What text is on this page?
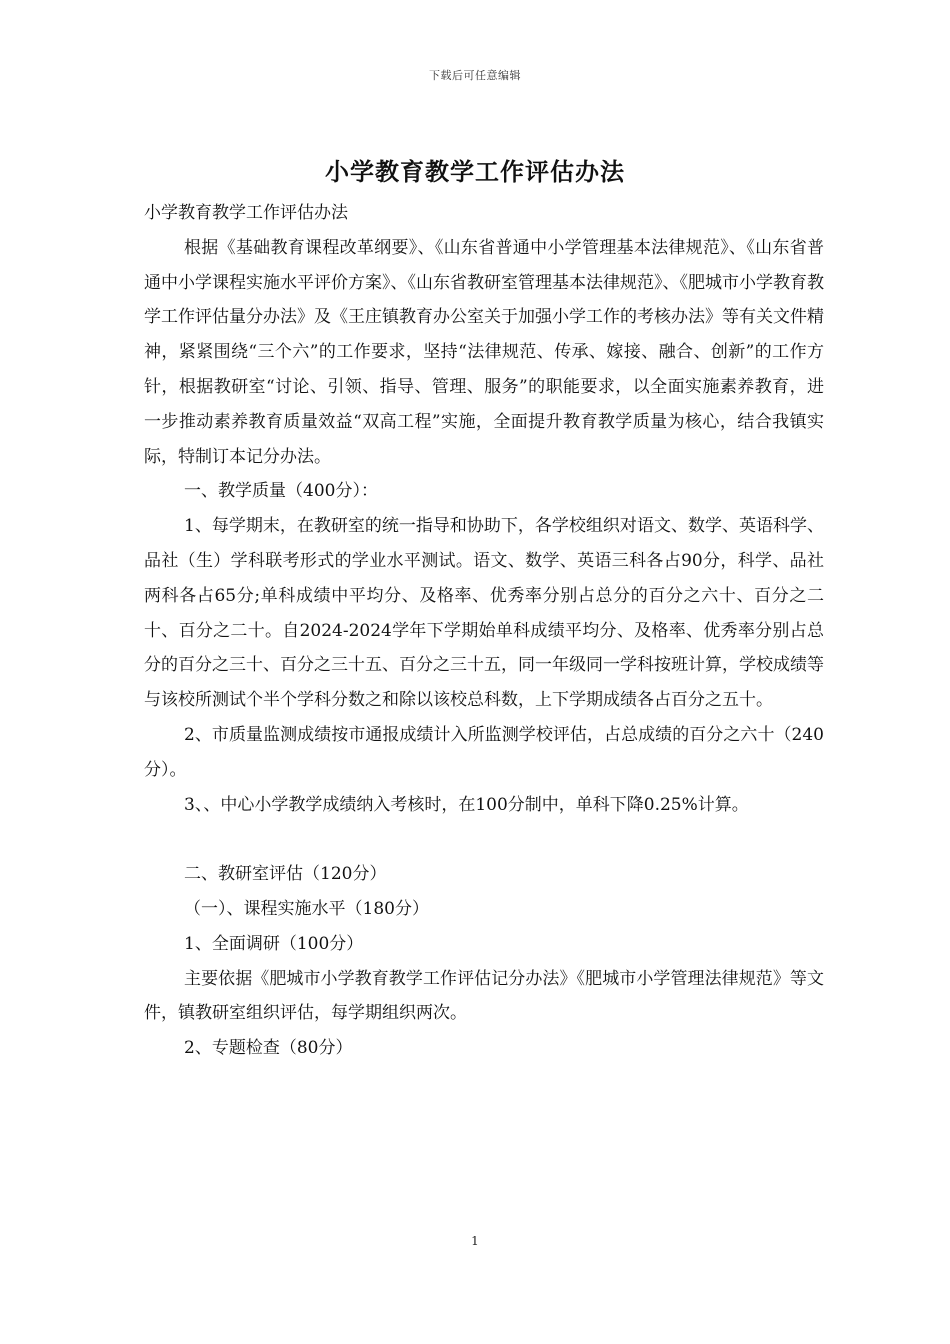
下载后可任意编辑
小学教育教学工作评估办法

小学教育教学工作评估办法

根据《基础教育课程改革纲要》、《山东省普通中小学管理基本法律规范》、《山东省普通中小学课程实施水平评价方案》、《山东省教研室管理基本法律规范》、《肥城市小学教育教学工作评估量分办法》及《王庄镇教育办公室关于加强小学工作的考核办法》等有关文件精神，紧紧围绕“三个六”的工作要求，坚持“法律规范、传承、嫁接、融合、创新”的工作方针，根据教研室“讨论、引领、指导、管理、服务”的职能要求，以全面实施素养教育，进一步推动素养教育质量效益“双高工程”实施，全面提升教育教学质量为核心，结合我镇实际，特制订本记分办法。

一、教学质量（400分）：

1、每学期末，在教研室的统一指导和协助下，各学校组织对语文、数学、英语科学、品社（生）学科联考形式的学业水平测试。语文、数学、英语三科各占90分，科学、品社两科各占65分;单科成绩中平均分、及格率、优秀率分别占总分的百分之六十、百分之二十、百分之二十。自2024-2024学年下学期始单科成绩平均分、及格率、优秀率分别占总分的百分之三十、百分之三十五、百分之三十五，同一年级同一学科按班计算，学校成绩等与该校所测试个半个学科分数之和除以该校总科数，上下学期成绩各占百分之五十。

2、市质量监测成绩按市通报成绩计入所监测学校评估，占总成绩的百分之六十（240分）。

3、、中心小学教学成绩纳入考核时，在100分制中，单科下降0.25%计算。

二、教研室评估（120分）

（一）、课程实施水平（180分）

1、全面调研（100分）

主要依据《肥城市小学教育教学工作评估记分办法》《肥城市小学管理法律规范》等文件，镇教研室组织评估，每学期组织两次。

2、专题检查（80分）

1
